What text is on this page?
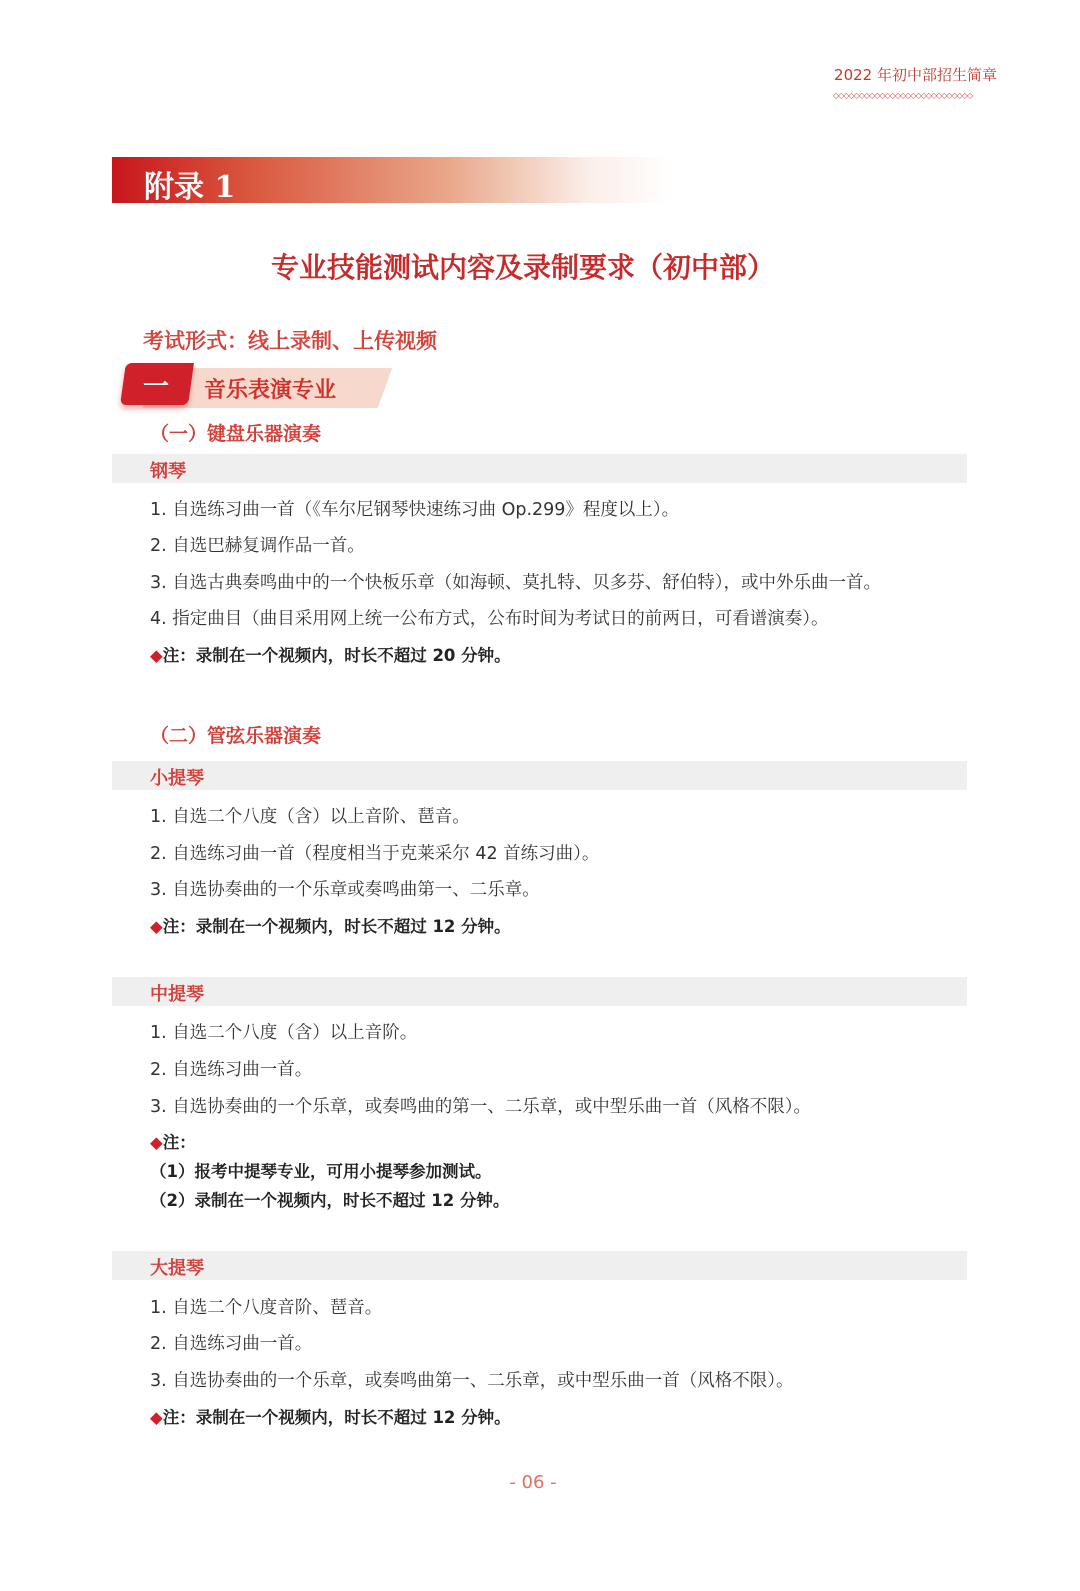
2022 年初中部招生简章
◇◇◇◇◇◇◇◇◇◇◇◇◇◇◇◇◇◇◇◇◇◇◇◇◇◇◇
附录 1
专业技能测试内容及录制要求（初中部）
考试形式：线上录制、上传视频
一 音乐表演专业
（一）键盘乐器演奏
钢琴
1. 自选练习曲一首（《车尔尼钢琴快速练习曲 Op.299》程度以上）。
2. 自选巴赫复调作品一首。
3. 自选古典奏鸣曲中的一个快板乐章（如海顿、莫扎特、贝多芬、舒伯特），或中外乐曲一首。
4. 指定曲目（曲目采用网上统一公布方式，公布时间为考试日的前两日，可看谱演奏）。
◆注：录制在一个视频内，时长不超过 20 分钟。
（二）管弦乐器演奏
小提琴
1. 自选二个八度（含）以上音阶、琶音。
2. 自选练习曲一首（程度相当于克莱采尔 42 首练习曲）。
3. 自选协奏曲的一个乐章或奏鸣曲第一、二乐章。
◆注：录制在一个视频内，时长不超过 12 分钟。
中提琴
1. 自选二个八度（含）以上音阶。
2. 自选练习曲一首。
3. 自选协奏曲的一个乐章，或奏鸣曲的第一、二乐章，或中型乐曲一首（风格不限）。
◆注：
（1）报考中提琴专业，可用小提琴参加测试。
（2）录制在一个视频内，时长不超过 12 分钟。
大提琴
1. 自选二个八度音阶、琶音。
2. 自选练习曲一首。
3. 自选协奏曲的一个乐章，或奏鸣曲第一、二乐章，或中型乐曲一首（风格不限）。
◆注：录制在一个视频内，时长不超过 12 分钟。
- 06 -
